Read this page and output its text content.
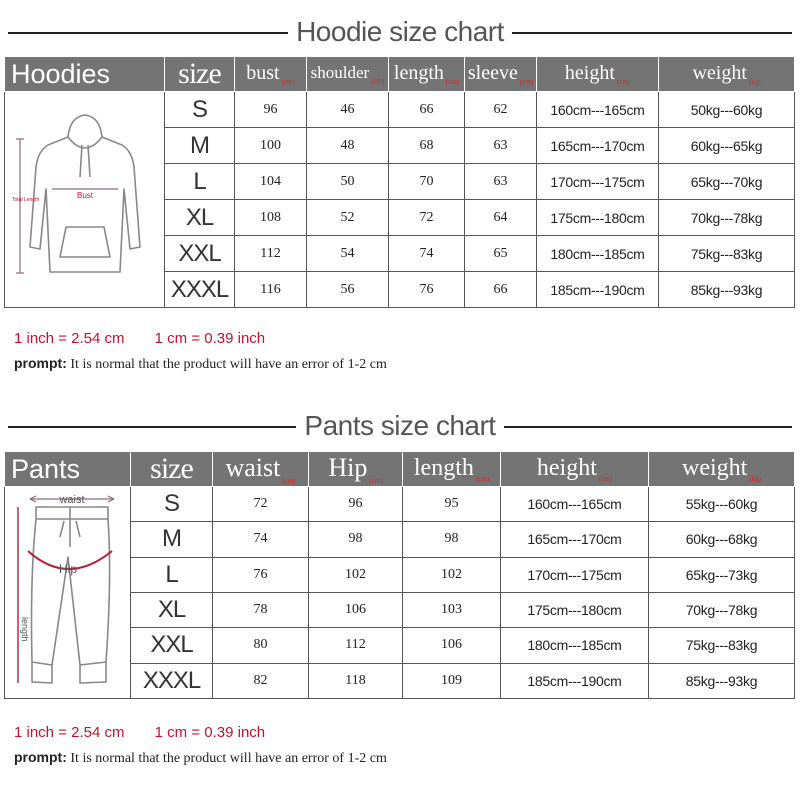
Hoodie size chart
Hoodies	size	bust $_{(cm)}$	shoulder $_{(cm)}$	length $_{(cm)}$	sleeve $_{(cm)}$	height $_{(cm)}$	weight $_{(kg)}$

Bust
Total Length	S	96	46	66	62	160cm---165cm	50kg---60kg
	M	100	48	68	63	165cm---170cm	60kg---65kg
	L	104	50	70	63	170cm---175cm	65kg---70kg
	XL	108	52	72	64	175cm---180cm	70kg---78kg
	XXL	112	54	74	65	180cm---185cm	75kg---83kg
	XXXL	116	56	76	66	185cm---190cm	85kg---93kg
1 inch = 2.54 cm 1 cm = 0.39 inch
prompt: It is normal that the product will have an error of 1-2 cm
Pants size chart
Pants	size	waist $_{(cm)}$	Hip $_{(cm)}$	length $_{(cm)}$	height $_{(cm)}$	weight $_{(kg)}$

waist
Hip
length	S	72	96	95	160cm---165cm	55kg---60kg
	M	74	98	98	165cm---170cm	60kg---68kg
	L	76	102	102	170cm---175cm	65kg---73kg
	XL	78	106	103	175cm---180cm	70kg---78kg
	XXL	80	112	106	180cm---185cm	75kg---83kg
	XXXL	82	118	109	185cm---190cm	85kg---93kg
1 inch = 2.54 cm 1 cm = 0.39 inch
prompt: It is normal that the product will have an error of 1-2 cm
